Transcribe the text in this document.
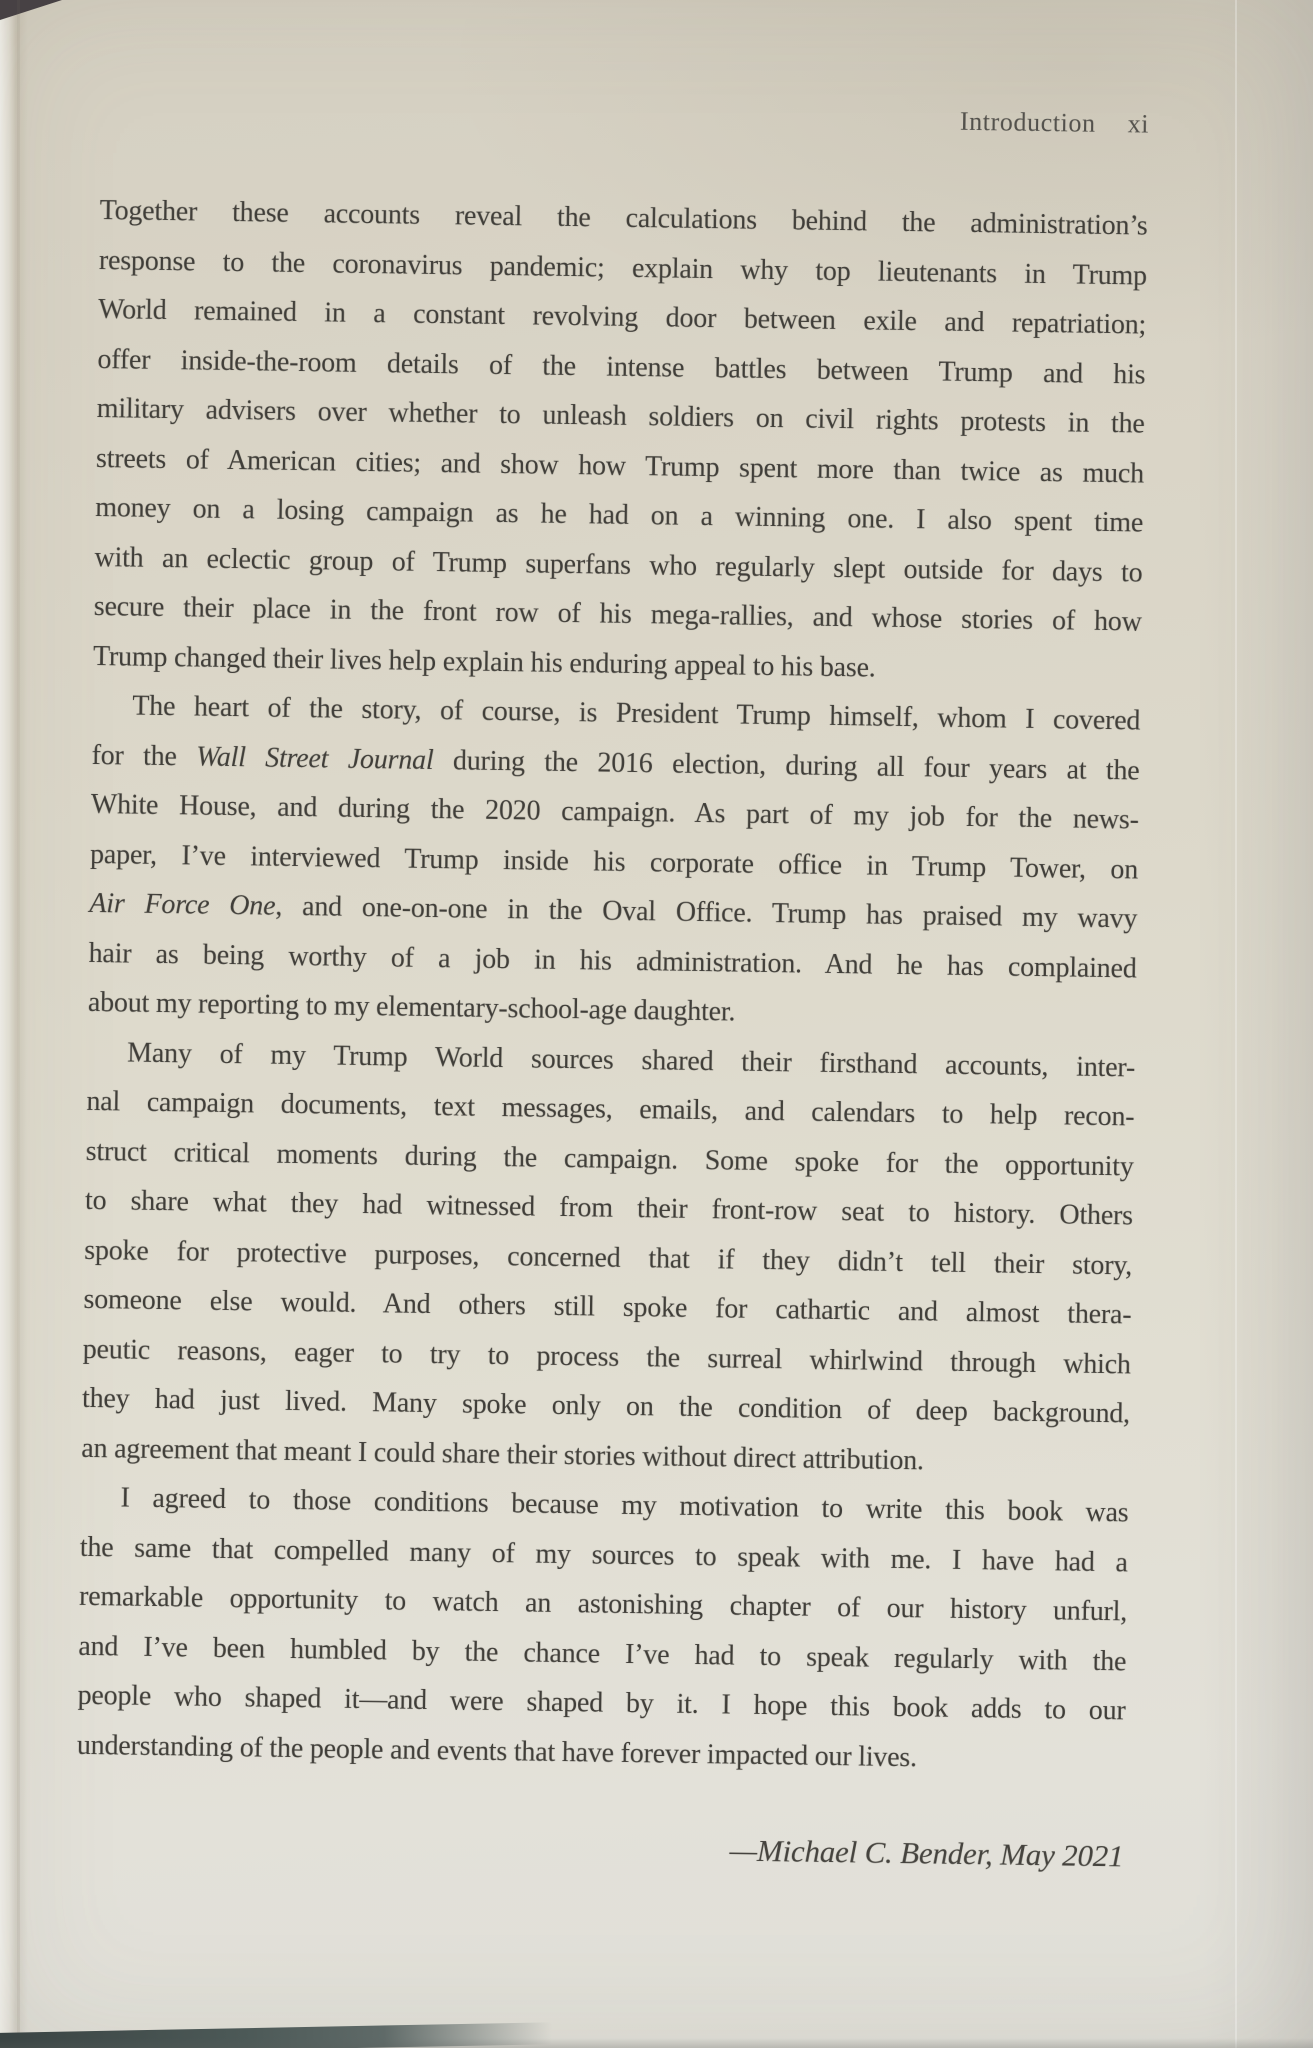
Introduction xi
Together these accounts reveal the calculations behind the administration’s
response to the coronavirus pandemic; explain why top lieutenants in Trump
World remained in a constant revolving door between exile and repatriation;
offer inside-the-room details of the intense battles between Trump and his
military advisers over whether to unleash soldiers on civil rights protests in the
streets of American cities; and show how Trump spent more than twice as much
money on a losing campaign as he had on a winning one. I also spent time
with an eclectic group of Trump superfans who regularly slept outside for days to
secure their place in the front row of his mega-rallies, and whose stories of how
Trump changed their lives help explain his enduring appeal to his base.
The heart of the story, of course, is President Trump himself, whom I covered
for the Wall Street Journal during the 2016 election, during all four years at the
White House, and during the 2020 campaign. As part of my job for the news-
paper, I’ve interviewed Trump inside his corporate office in Trump Tower, on
Air Force One, and one-on-one in the Oval Office. Trump has praised my wavy
hair as being worthy of a job in his administration. And he has complained
about my reporting to my elementary-school-age daughter.
Many of my Trump World sources shared their firsthand accounts, inter-
nal campaign documents, text messages, emails, and calendars to help recon-
struct critical moments during the campaign. Some spoke for the opportunity
to share what they had witnessed from their front-row seat to history. Others
spoke for protective purposes, concerned that if they didn’t tell their story,
someone else would. And others still spoke for cathartic and almost thera-
peutic reasons, eager to try to process the surreal whirlwind through which
they had just lived. Many spoke only on the condition of deep background,
an agreement that meant I could share their stories without direct attribution.
I agreed to those conditions because my motivation to write this book was
the same that compelled many of my sources to speak with me. I have had a
remarkable opportunity to watch an astonishing chapter of our history unfurl,
and I’ve been humbled by the chance I’ve had to speak regularly with the
people who shaped it—and were shaped by it. I hope this book adds to our
understanding of the people and events that have forever impacted our lives.
—Michael C. Bender, May 2021
